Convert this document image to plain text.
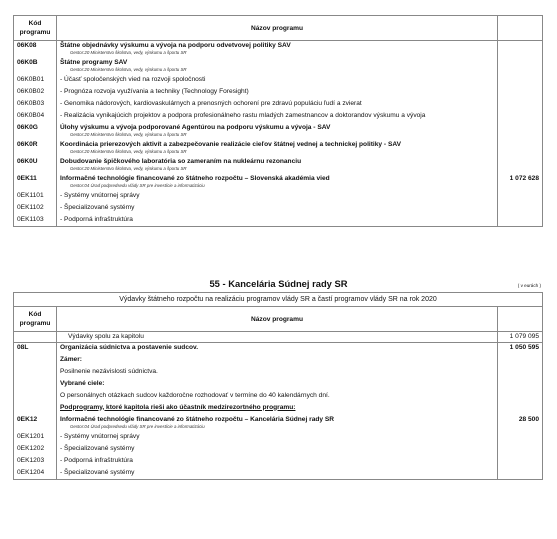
Kód programu	Názov programu	
06K08	Štátne objednávky výskumu a vývoja na podporu odvetvovej politiky SAV
Gestor:20 Ministerstvo školstva, vedy, výskumu a športu SR	

06K0B	Štátne programy SAV
Gestor:20 Ministerstvo školstva, vedy, výskumu a športu SR	

06K0B01	- Účasť spoločenských vied na rozvoji spoločnosti	
06K0B02	- Prognóza rozvoja využívania a techniky (Technology Foresight)	
06K0B03	- Genomika nádorových, kardiovaskulárnych a prenosných ochorení pre zdravú populáciu ľudí a zvierat	
06K0B04	- Realizácia vynikajúcich projektov a podpora profesionálneho rastu mladých zamestnancov a doktorandov výskumu a vývoja	
06K0G	Úlohy výskumu a vývoja podporované Agentúrou na podporu výskumu a vývoja - SAV
Gestor:20 Ministerstvo školstva, vedy, výskumu a športu SR	

06K0R	Koordinácia prierezových aktivít a zabezpečovanie realizácie cieľov štátnej vednej a technickej politiky - SAV
Gestor:20 Ministerstvo školstva, vedy, výskumu a športu SR	

06K0U	Dobudovanie špičkového laboratória so zameraním na nukleárnu rezonanciu
Gestor:20 Ministerstvo školstva, vedy, výskumu a športu SR	

0EK11	Informačné technológie financované zo štátneho rozpočtu – Slovenská akadémia vied
Gestor:04 Úrad podpredsedu vlády SR pre investície a informatizáciu	1 072 628
0EK1101	- Systémy vnútornej správy	
0EK1102	- Špecializované systémy	
0EK1103	- Podporná infraštruktúra	
55 - Kancelária Súdnej rady SR	( v eurách )
Výdavky štátneho rozpočtu na realizáciu programov vlády SR a častí programov vlády SR na rok 2020		
Kód programu	Názov programu	
	Výdavky spolu za kapitolu	1 079 095
08L	Organizácia súdnictva a postavenie sudcov.	1 050 595
	Zámer:	
	Posilnenie nezávislosti súdnictva.	
	Vybrané ciele:	
	O personálnych otázkach sudcov každoročne rozhodovať v termíne do 40 kalendárnych dní.	
	Podprogramy, ktoré kapitola rieši ako účastník medzirezortného programu:	
0EK12	Informačné technológie financované zo štátneho rozpočtu – Kancelária Súdnej rady SR
Gestor:04 Úrad podpredsedu vlády SR pre investície a informatizáciu	28 500
0EK1201	- Systémy vnútornej správy	
0EK1202	- Špecializované systémy	
0EK1203	- Podporná infraštruktúra	
0EK1204	- Špecializované systémy	
